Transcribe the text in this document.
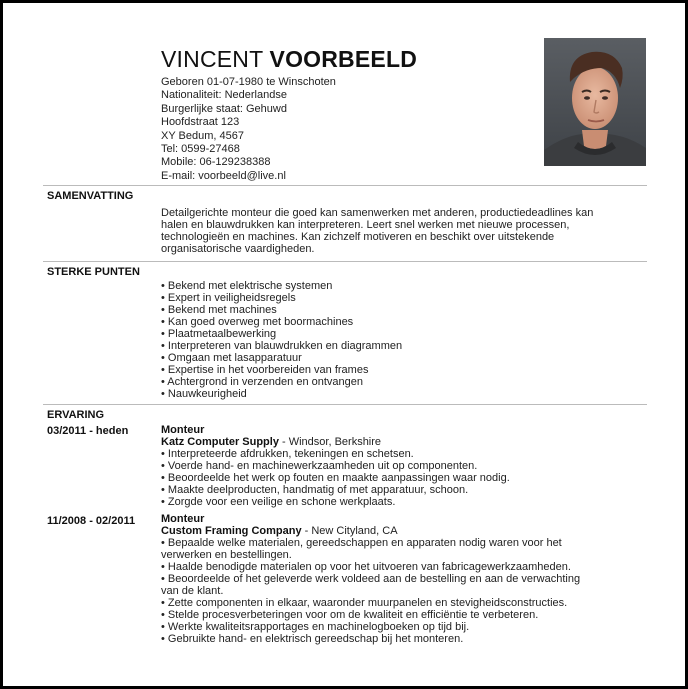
VINCENT VOORBEELD
Geboren 01-07-1980 te Winschoten
Nationaliteit: Nederlandse
Burgerlijke staat: Gehuwd
Hoofdstraat 123
XY Bedum, 4567
Tel: 0599-27468
Mobile: 06-129238388
E-mail: voorbeeld@live.nl
SAMENVATTING
Detailgerichte monteur die goed kan samenwerken met anderen, productiedeadlines kan
halen en blauwdrukken kan interpreteren. Leert snel werken met nieuwe processen,
technologieën en machines. Kan zichzelf motiveren en beschikt over uitstekende
organisatorische vaardigheden.
STERKE PUNTEN
• Bekend met elektrische systemen
• Expert in veiligheidsregels
• Bekend met machines
• Kan goed overweg met boormachines
• Plaatmetaalbewerking
• Interpreteren van blauwdrukken en diagrammen
• Omgaan met lasapparatuur
• Expertise in het voorbereiden van frames
• Achtergrond in verzenden en ontvangen
• Nauwkeurigheid
ERVARING
03/2011 - heden	Monteur
Katz Computer Supply - Windsor, Berkshire
• Interpreteerde afdrukken, tekeningen en schetsen.
• Voerde hand- en machinewerkzaamheden uit op componenten.
• Beoordeelde het werk op fouten en maakte aanpassingen waar nodig.
• Maakte deelproducten, handmatig of met apparatuur, schoon.
• Zorgde voor een veilige en schone werkplaats.
11/2008 - 02/2011 Monteur
Custom Framing Company - New Cityland, CA
• Bepaalde welke materialen, gereedschappen en apparaten nodig waren voor het
verwerken en bestellingen.
• Haalde benodigde materialen op voor het uitvoeren van fabricagewerkzaamheden.
• Beoordeelde of het geleverde werk voldeed aan de bestelling en aan de verwachting
van de klant.
• Zette componenten in elkaar, waaronder muurpanelen en stevigheidsconstructies.
• Stelde procesverbeteringen voor om de kwaliteit en efficiëntie te verbeteren.
• Werkte kwaliteitsrapportages en machinelogboeken op tijd bij.
• Gebruikte hand- en elektrisch gereedschap bij het monteren.
